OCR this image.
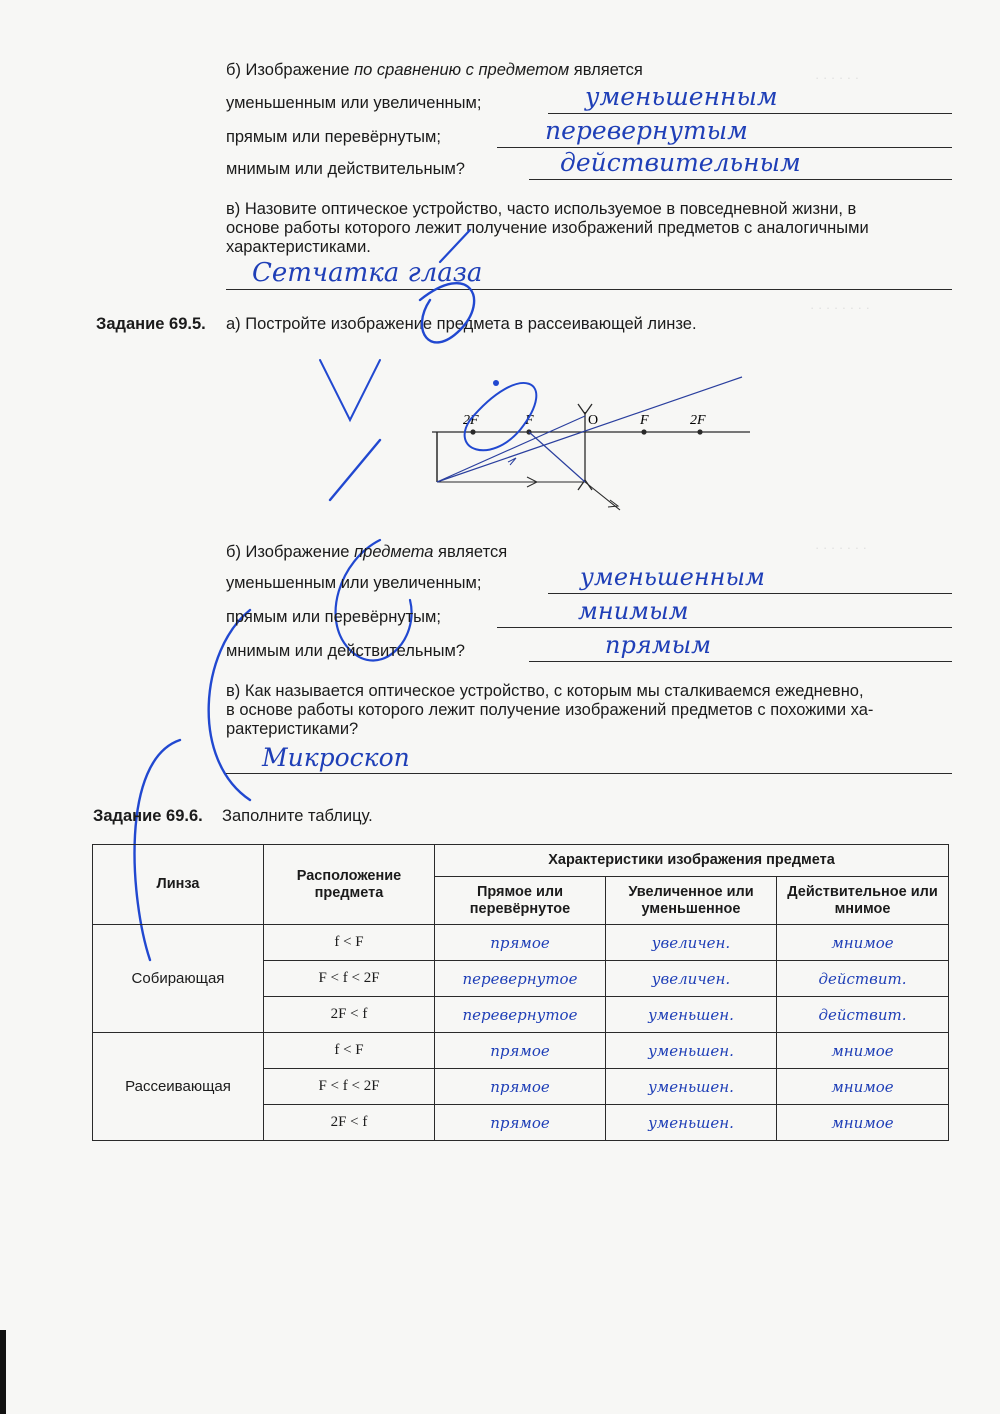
· · · · · ·
· · · · · · · ·
· · · · · · ·
б) Изображение по сравнению с предметом является
уменьшенным или увеличенным;	уменьшенным
прямым или перевёрнутым;	перевернутым
мнимым или действительным?	действительным
в) Назовите оптическое устройство, часто используемое в повседневной жизни, в
основе работы которого лежит получение изображений предметов с аналогичными
характеристиками.
Сетчатка глаза
Задание 69.5. а) Постройте изображение предмета в рассеивающей линзе.
2F	F	O	F	2F
б) Изображение предмета является
уменьшенным или увеличенным;	уменьшенным
прямым или перевёрнутым;	мнимым
мнимым или действительным?	прямым
в) Как называется оптическое устройство, с которым мы сталкиваемся ежедневно,
в основе работы которого лежит получение изображений предметов с похожими ха-
рактеристиками?
Микроскоп
Задание 69.6. Заполните таблицу.
Линза	Расположение предмета	Характеристики изображения предмета		
		Прямое или перевёрнутое	Увеличенное или уменьшенное	Действительное или мнимое
Собирающая	f < F	прямое	увеличен.	мнимое
	F < f < 2F	перевернутое	увеличен.	действит.
	2F < f	перевернутое	уменьшен.	действит.
Рассеивающая	f < F	прямое	уменьшен.	мнимое
	F < f < 2F	прямое	уменьшен.	мнимое
	2F < f	прямое	уменьшен.	мнимое
